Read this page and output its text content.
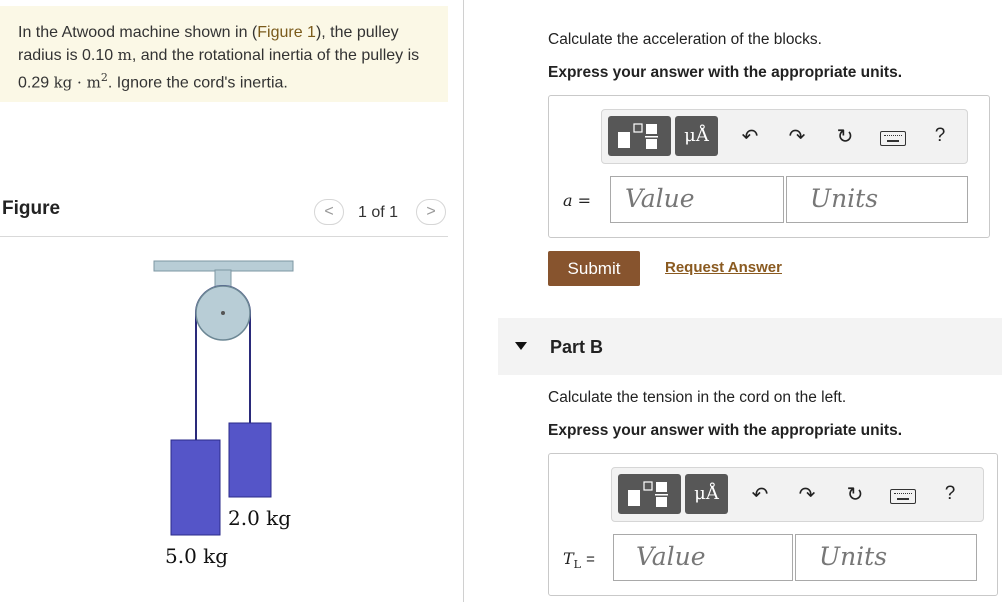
In the Atwood machine shown in (Figure 1), the pulley radius is 0.10 m, and the rotational inertia of the pulley is 0.29 kg · $m^2$. Ignore the cord's inertia.

Figure	<	1 of 1	>
2.0 kg
5.0 kg
Calculate the acceleration of the blocks.
Express your answer with the appropriate units.
μÅ	↶ ↷ ↻	?
a =	Value	Units
Submit	Request Answer
Part B
Calculate the tension in the cord on the left.
Express your answer with the appropriate units.
μÅ	↶ ↷ ↻	?
$T_L$ =	Value	Units
